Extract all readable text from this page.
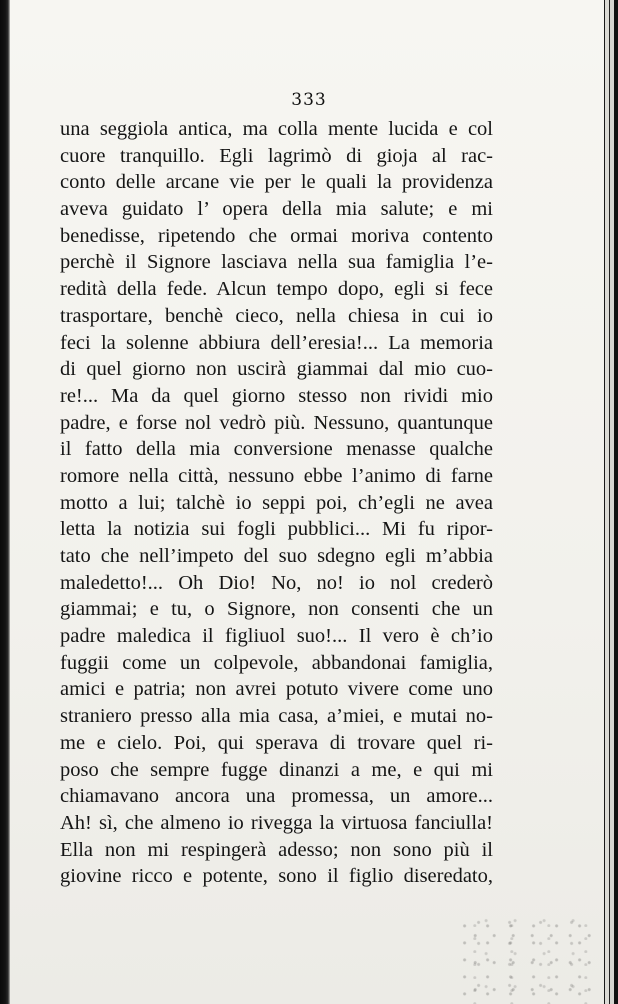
333
una seggiola antica, ma colla mente lucida e col
cuore tranquillo. Egli lagrimò di gioja al rac-
conto delle arcane vie per le quali la providenza
aveva guidato l’ opera della mia salute; e mi
benedisse, ripetendo che ormai moriva contento
perchè il Signore lasciava nella sua famiglia l’e-
redità della fede. Alcun tempo dopo, egli si fece
trasportare, benchè cieco, nella chiesa in cui io
feci la solenne abbiura dell’eresia!... La memoria
di quel giorno non uscirà giammai dal mio cuo-
re!... Ma da quel giorno stesso non rividi mio
padre, e forse nol vedrò più. Nessuno, quantunque
il fatto della mia conversione menasse qualche
romore nella città, nessuno ebbe l’animo di farne
motto a lui; talchè io seppi poi, ch’egli ne avea
letta la notizia sui fogli pubblici... Mi fu ripor-
tato che nell’impeto del suo sdegno egli m’abbia
maledetto!... Oh Dio! No, no! io nol crederò
giammai; e tu, o Signore, non consenti che un
padre maledica il figliuol suo!... Il vero è ch’io
fuggii come un colpevole, abbandonai famiglia,
amici e patria; non avrei potuto vivere come uno
straniero presso alla mia casa, a’miei, e mutai no-
me e cielo. Poi, qui sperava di trovare quel ri-
poso che sempre fugge dinanzi a me, e qui mi
chiamavano ancora una promessa, un amore...
Ah! sì, che almeno io rivegga la virtuosa fanciulla!
Ella non mi respingerà adesso; non sono più il
giovine ricco e potente, sono il figlio diseredato,
